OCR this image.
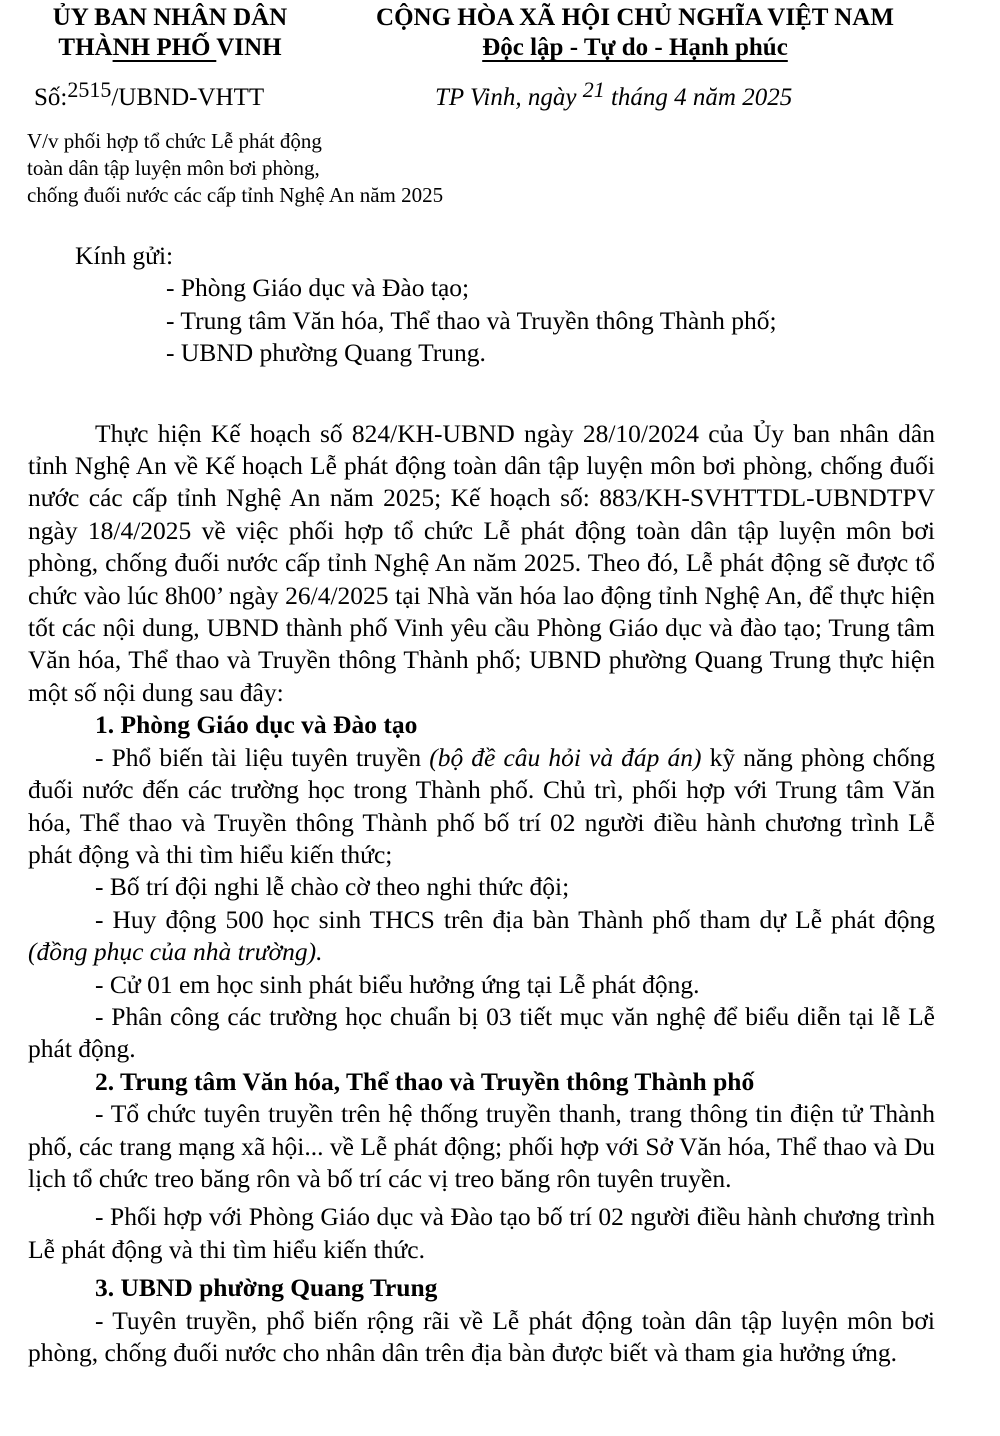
ỦY BAN NHÂN DÂN
THÀNH PHỐ VINH
CỘNG HÒA XÃ HỘI CHỦ NGHĨA VIỆT NAM
Độc lập - Tự do - Hạnh phúc
Số:2515/UBND-VHTT	TP Vinh, ngày 21 tháng 4 năm 2025
V/v phối hợp tổ chức Lễ phát động
toàn dân tập luyện môn bơi phòng,
chống đuối nước các cấp tỉnh Nghệ An năm 2025

Kính gửi:

- Phòng Giáo dục và Đào tạo;

- Trung tâm Văn hóa, Thể thao và Truyền thông Thành phố;

- UBND phường Quang Trung.

Thực hiện Kế hoạch số 824/KH-UBND ngày 28/10/2024 của Ủy ban nhân dân tỉnh Nghệ An về Kế hoạch Lễ phát động toàn dân tập luyện môn bơi phòng, chống đuối nước các cấp tỉnh Nghệ An năm 2025; Kế hoạch số: 883/KH-SVHTTDL-UBNDTPV ngày 18/4/2025 về việc phối hợp tổ chức Lễ phát động toàn dân tập luyện môn bơi phòng, chống đuối nước cấp tỉnh Nghệ An năm 2025. Theo đó, Lễ phát động sẽ được tổ chức vào lúc 8h00’ ngày 26/4/2025 tại Nhà văn hóa lao động tỉnh Nghệ An, để thực hiện tốt các nội dung, UBND thành phố Vinh yêu cầu Phòng Giáo dục và đào tạo; Trung tâm Văn hóa, Thể thao và Truyền thông Thành phố; UBND phường Quang Trung thực hiện một số nội dung sau đây:

1. Phòng Giáo dục và Đào tạo

- Phổ biến tài liệu tuyên truyền (bộ đề câu hỏi và đáp án) kỹ năng phòng chống đuối nước đến các trường học trong Thành phố. Chủ trì, phối hợp với Trung tâm Văn hóa, Thể thao và Truyền thông Thành phố bố trí 02 người điều hành chương trình Lễ phát động và thi tìm hiểu kiến thức;

- Bố trí đội nghi lễ chào cờ theo nghi thức đội;

- Huy động 500 học sinh THCS trên địa bàn Thành phố tham dự Lễ phát động (đồng phục của nhà trường).

- Cử 01 em học sinh phát biểu hưởng ứng tại Lễ phát động.

- Phân công các trường học chuẩn bị 03 tiết mục văn nghệ để biểu diễn tại lễ Lễ phát động.

2. Trung tâm Văn hóa, Thể thao và Truyền thông Thành phố

- Tổ chức tuyên truyền trên hệ thống truyền thanh, trang thông tin điện tử Thành phố, các trang mạng xã hội... về Lễ phát động; phối hợp với Sở Văn hóa, Thể thao và Du lịch tổ chức treo băng rôn và bố trí các vị treo băng rôn tuyên truyền.

- Phối hợp với Phòng Giáo dục và Đào tạo bố trí 02 người điều hành chương trình Lễ phát động và thi tìm hiểu kiến thức.

3. UBND phường Quang Trung

- Tuyên truyền, phổ biến rộng rãi về Lễ phát động toàn dân tập luyện môn bơi phòng, chống đuối nước cho nhân dân trên địa bàn được biết và tham gia hưởng ứng.
